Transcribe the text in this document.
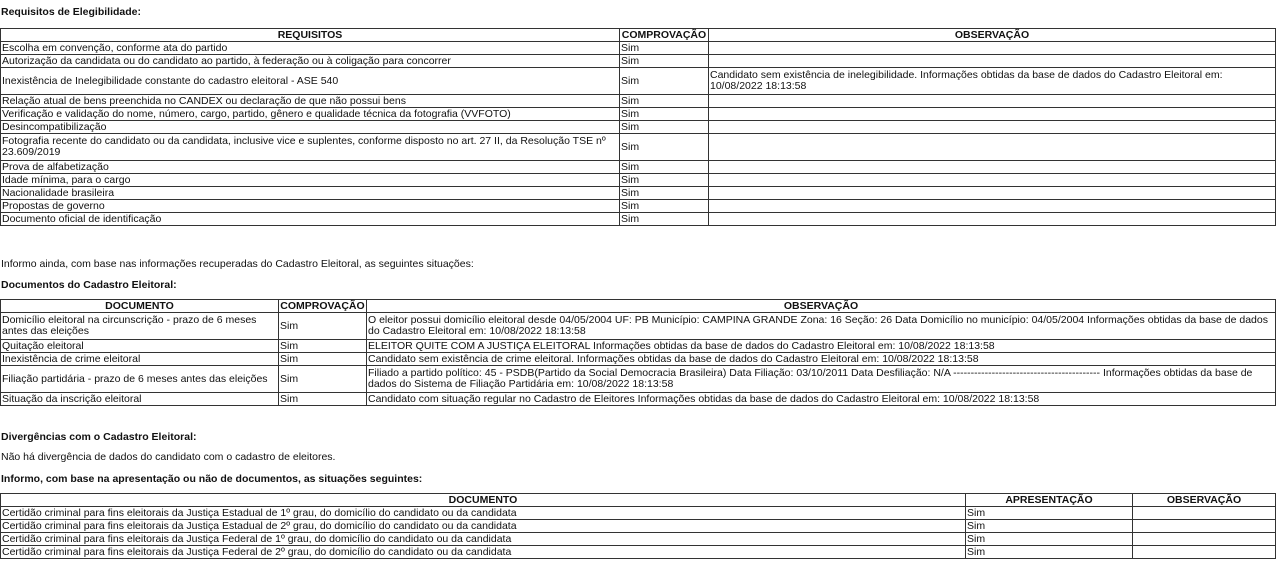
Requisitos de Elegibilidade:
REQUISITOS	COMPROVAÇÃO	OBSERVAÇÃO
Escolha em convenção, conforme ata do partido	Sim	
Autorização da candidata ou do candidato ao partido, à federação ou à coligação para concorrer	Sim	
Inexistência de Inelegibilidade constante do cadastro eleitoral - ASE 540	Sim	Candidato sem existência de inelegibilidade. Informações obtidas da base de dados do Cadastro Eleitoral em: 10/08/2022 18:13:58
Relação atual de bens preenchida no CANDEX ou declaração de que não possui bens	Sim	
Verificação e validação do nome, número, cargo, partido, gênero e qualidade técnica da fotografia (VVFOTO)	Sim	
Desincompatibilização	Sim	
Fotografia recente do candidato ou da candidata, inclusive vice e suplentes, conforme disposto no art. 27 II, da Resolução TSE nº 23.609/2019	Sim	
Prova de alfabetização	Sim	
Idade mínima, para o cargo	Sim	
Nacionalidade brasileira	Sim	
Propostas de governo	Sim	
Documento oficial de identificação	Sim	
Informo ainda, com base nas informações recuperadas do Cadastro Eleitoral, as seguintes situações:
Documentos do Cadastro Eleitoral:
DOCUMENTO	COMPROVAÇÃO	OBSERVAÇÃO
Domicílio eleitoral na circunscrição - prazo de 6 meses antes das eleições	Sim	O eleitor possui domicílio eleitoral desde 04/05/2004 UF: PB Município: CAMPINA GRANDE Zona: 16 Seção: 26 Data Domicílio no município: 04/05/2004 Informações obtidas da base de dados do Cadastro Eleitoral em: 10/08/2022 18:13:58
Quitação eleitoral	Sim	ELEITOR QUITE COM A JUSTIÇA ELEITORAL Informações obtidas da base de dados do Cadastro Eleitoral em: 10/08/2022 18:13:58
Inexistência de crime eleitoral	Sim	Candidato sem existência de crime eleitoral. Informações obtidas da base de dados do Cadastro Eleitoral em: 10/08/2022 18:13:58
Filiação partidária - prazo de 6 meses antes das eleições	Sim	Filiado a partido político: 45 - PSDB(Partido da Social Democracia Brasileira) Data Filiação: 03/10/2011 Data Desfiliação: N/A ------------------------------------------ Informações obtidas da base de dados do Sistema de Filiação Partidária em: 10/08/2022 18:13:58
Situação da inscrição eleitoral	Sim	Candidato com situação regular no Cadastro de Eleitores Informações obtidas da base de dados do Cadastro Eleitoral em: 10/08/2022 18:13:58
Divergências com o Cadastro Eleitoral:
Não há divergência de dados do candidato com o cadastro de eleitores.
Informo, com base na apresentação ou não de documentos, as situações seguintes:
DOCUMENTO	APRESENTAÇÃO	OBSERVAÇÃO
Certidão criminal para fins eleitorais da Justiça Estadual de 1º grau, do domicílio do candidato ou da candidata	Sim	
Certidão criminal para fins eleitorais da Justiça Estadual de 2º grau, do domicílio do candidato ou da candidata	Sim	
Certidão criminal para fins eleitorais da Justiça Federal de 1º grau, do domicílio do candidato ou da candidata	Sim	
Certidão criminal para fins eleitorais da Justiça Federal de 2º grau, do domicílio do candidato ou da candidata	Sim	
